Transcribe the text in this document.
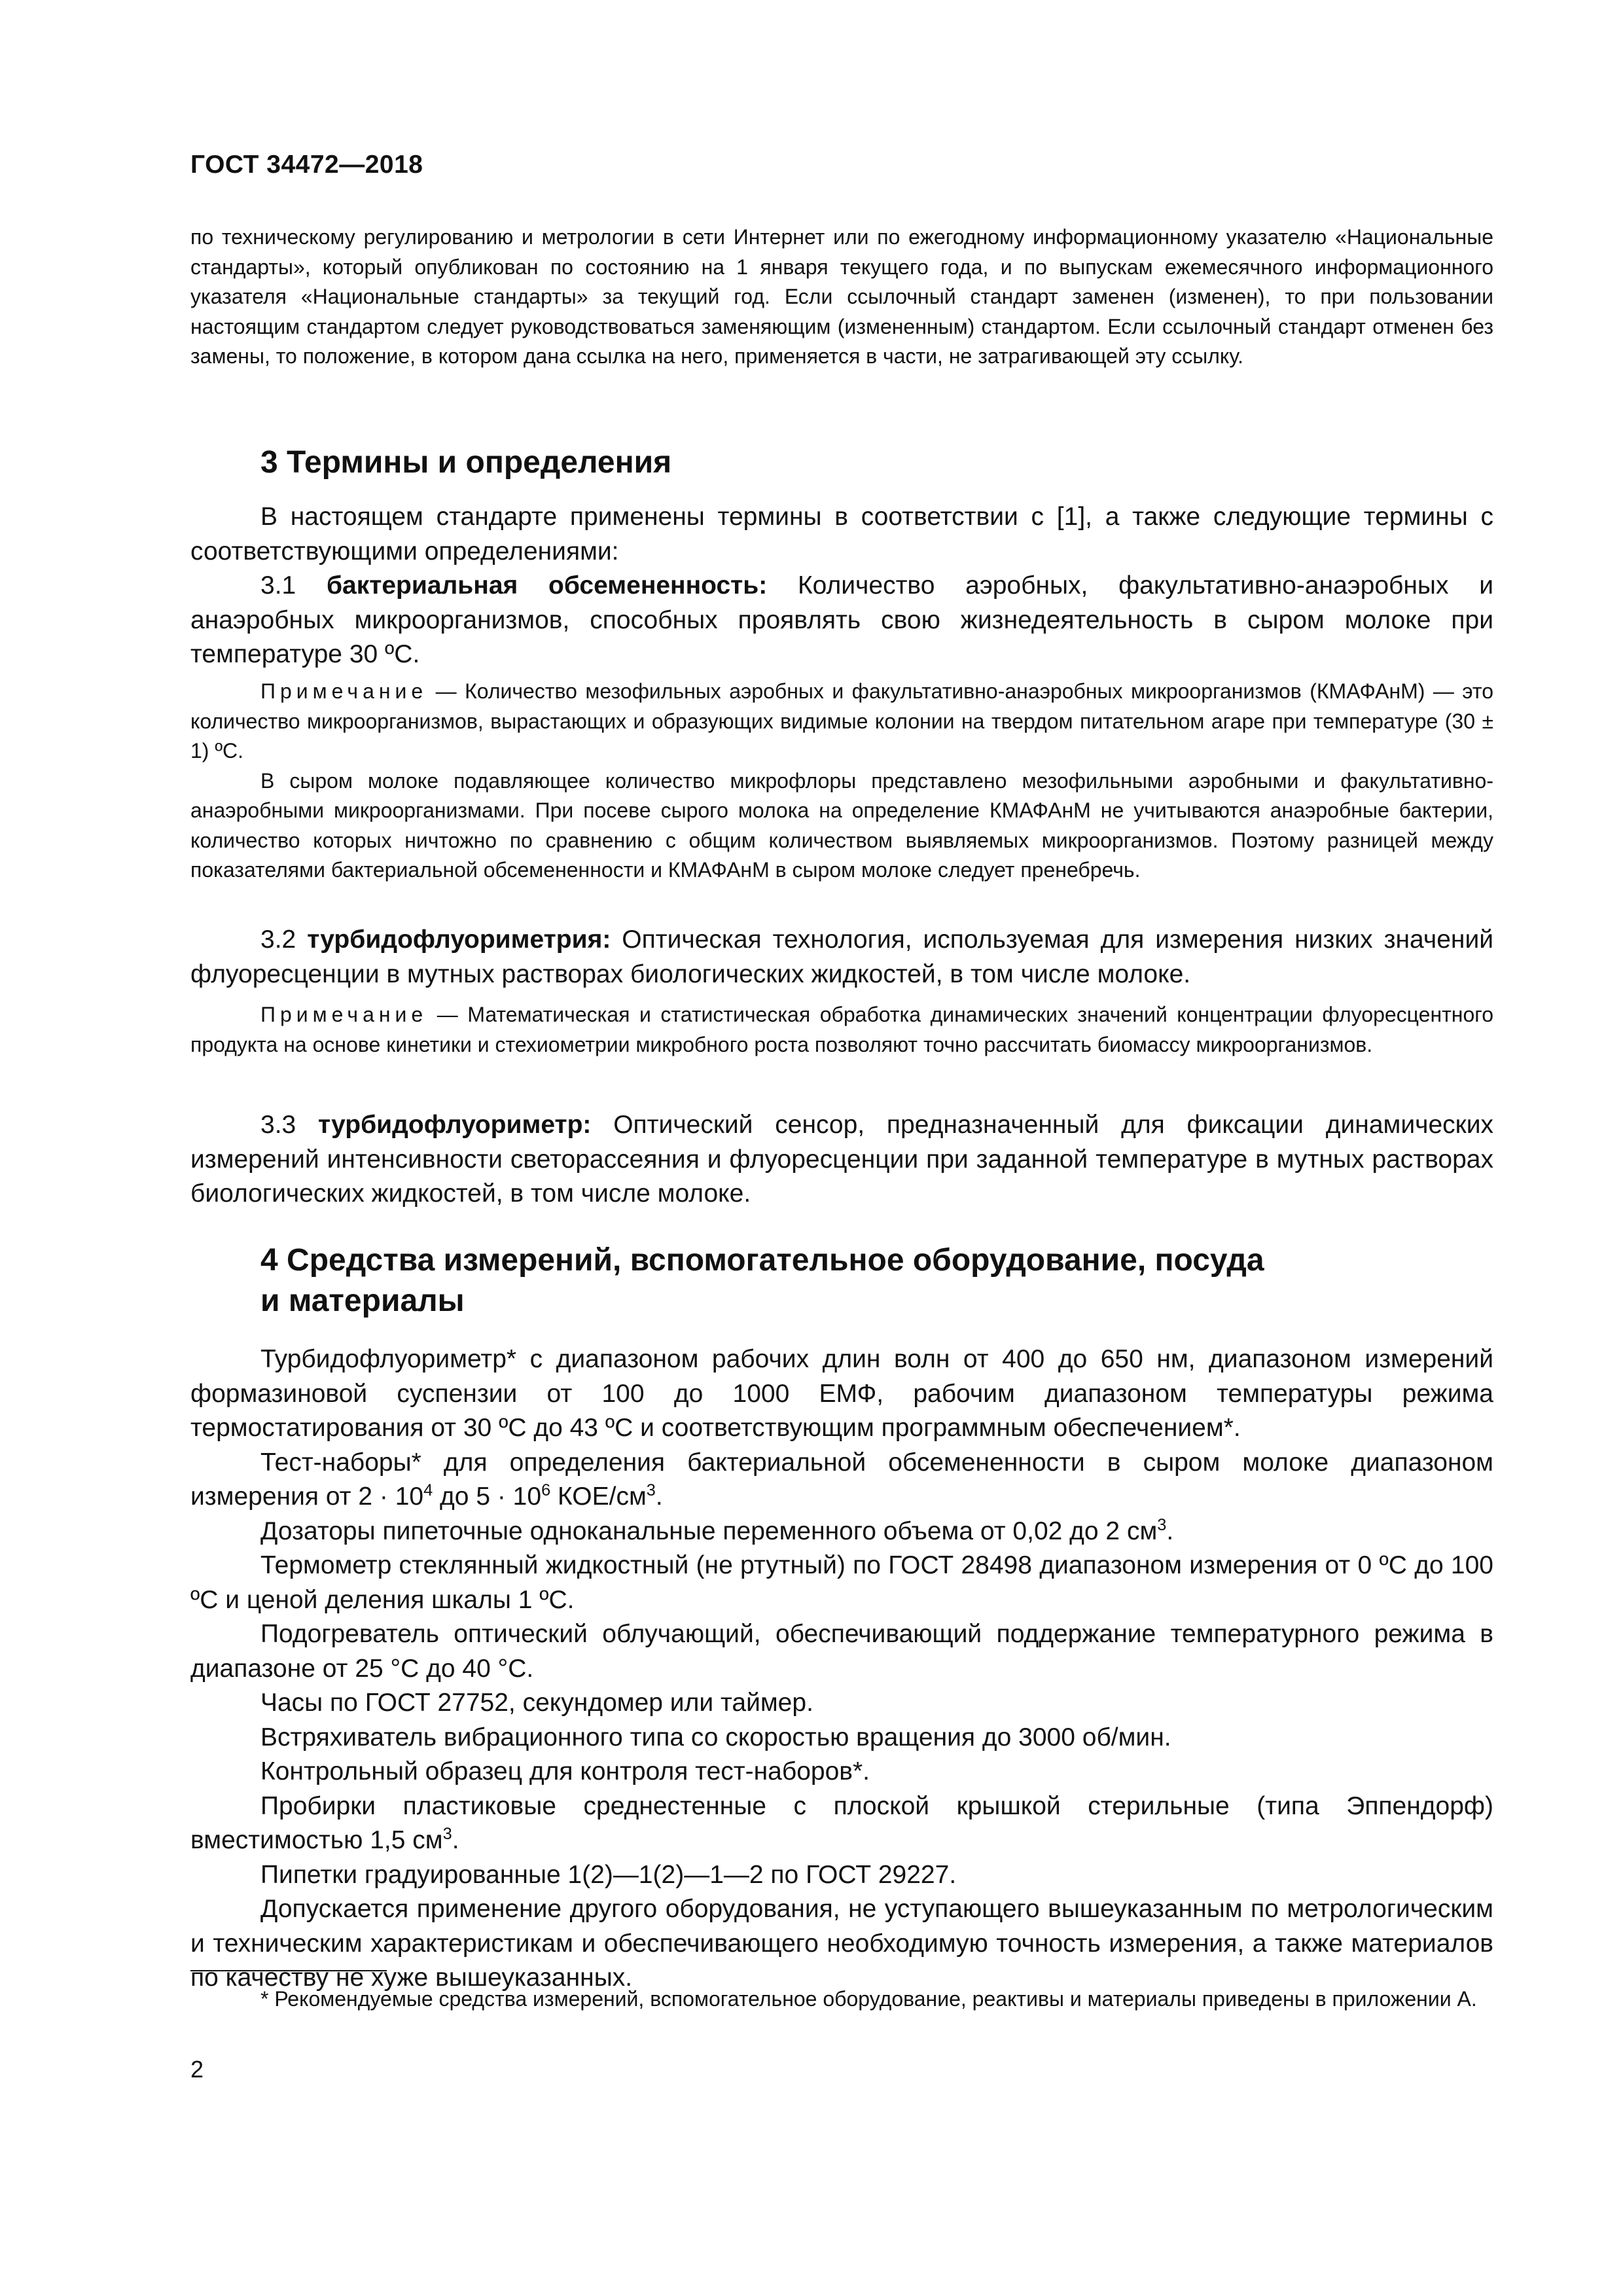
ГОСТ 34472—2018

по техническому регулированию и метрологии в сети Интернет или по ежегодному информационному указателю «Национальные стандарты», который опубликован по состоянию на 1 января текущего года, и по выпускам ежемесячного информационного указателя «Национальные стандарты» за текущий год. Если ссылочный стандарт заменен (изменен), то при пользовании настоящим стандартом следует руководствоваться заменяющим (измененным) стандартом. Если ссылочный стандарт отменен без замены, то положение, в котором дана ссылка на него, применяется в части, не затрагивающей эту ссылку.

3 Термины и определения

В настоящем стандарте применены термины в соответствии с [1], а также следующие термины с соответствующими определениями:

3.1 бактериальная обсемененность: Количество аэробных, факультативно-анаэробных и анаэробных микроорганизмов, способных проявлять свою жизнедеятельность в сыром молоке при температуре 30 ºС.

Примечание — Количество мезофильных аэробных и факультативно-анаэробных микроорганизмов (КМАФАнМ) — это количество микроорганизмов, вырастающих и образующих видимые колонии на твердом питательном агаре при температуре (30 ± 1) ºС.

В сыром молоке подавляющее количество микрофлоры представлено мезофильными аэробными и факультативно-анаэробными микроорганизмами. При посеве сырого молока на определение КМАФАнМ не учитываются анаэробные бактерии, количество которых ничтожно по сравнению с общим количеством выявляемых микроорганизмов. Поэтому разницей между показателями бактериальной обсемененности и КМАФАнМ в сыром молоке следует пренебречь.

3.2 турбидофлуориметрия: Оптическая технология, используемая для измерения низких значений флуоресценции в мутных растворах биологических жидкостей, в том числе молоке.

Примечание — Математическая и статистическая обработка динамических значений концентрации флуоресцентного продукта на основе кинетики и стехиометрии микробного роста позволяют точно рассчитать биомассу микроорганизмов.

3.3 турбидофлуориметр: Оптический сенсор, предназначенный для фиксации динамических измерений интенсивности светорассеяния и флуоресценции при заданной температуре в мутных растворах биологических жидкостей, в том числе молоке.

4 Средства измерений, вспомогательное оборудование, посуда
и материалы

Турбидофлуориметр* с диапазоном рабочих длин волн от 400 до 650 нм, диапазоном измерений формазиновой суспензии от 100 до 1000 ЕМФ, рабочим диапазоном температуры режима термостатирования от 30 ºС до 43 ºС и соответствующим программным обеспечением*.

Тест-наборы* для определения бактериальной обсемененности в сыром молоке диапазоном измерения от $2 \cdot 10^4$ до $5 \cdot 10^6$ КОЕ/$см^3$.

Дозаторы пипеточные одноканальные переменного объема от 0,02 до 2 $см^3$.

Термометр стеклянный жидкостный (не ртутный) по ГОСТ 28498 диапазоном измерения от 0 ºС до 100 ºС и ценой деления шкалы 1 ºС.

Подогреватель оптический облучающий, обеспечивающий поддержание температурного режима в диапазоне от 25 °С до 40 °С.

Часы по ГОСТ 27752, секундомер или таймер.

Встряхиватель вибрационного типа со скоростью вращения до 3000 об/мин.

Контрольный образец для контроля тест-наборов*.

Пробирки пластиковые среднестенные с плоской крышкой стерильные (типа Эппендорф) вместимостью 1,5 $см^3$.

Пипетки градуированные 1(2)—1(2)—1—2 по ГОСТ 29227.

Допускается применение другого оборудования, не уступающего вышеуказанным по метрологическим и техническим характеристикам и обеспечивающего необходимую точность измерения, а также материалов по качеству не хуже вышеуказанных.

* Рекомендуемые средства измерений, вспомогательное оборудование, реактивы и материалы приведены в приложении А.

2
